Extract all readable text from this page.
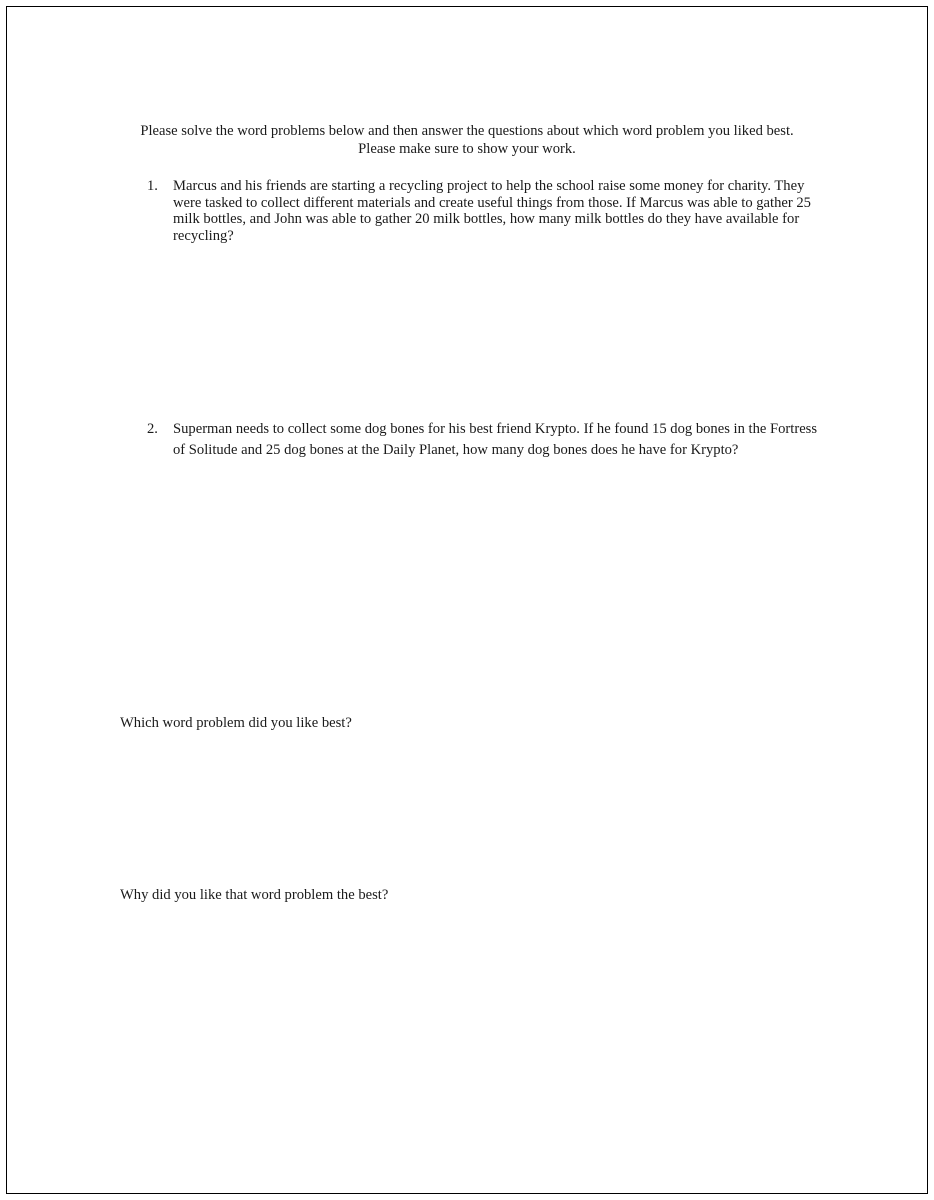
Please solve the word problems below and then answer the questions about which word problem you liked best. Please make sure to show your work.

1.	Marcus and his friends are starting a recycling project to help the school raise some money for charity. They were tasked to collect different materials and create useful things from those. If Marcus was able to gather 25 milk bottles, and John was able to gather 20 milk bottles, how many milk bottles do they have available for recycling?
2.	Superman needs to collect some dog bones for his best friend Krypto. If he found 15 dog bones in the Fortress of Solitude and 25 dog bones at the Daily Planet, how many dog bones does he have for Krypto?

Which word problem did you like best?

Why did you like that word problem the best?
